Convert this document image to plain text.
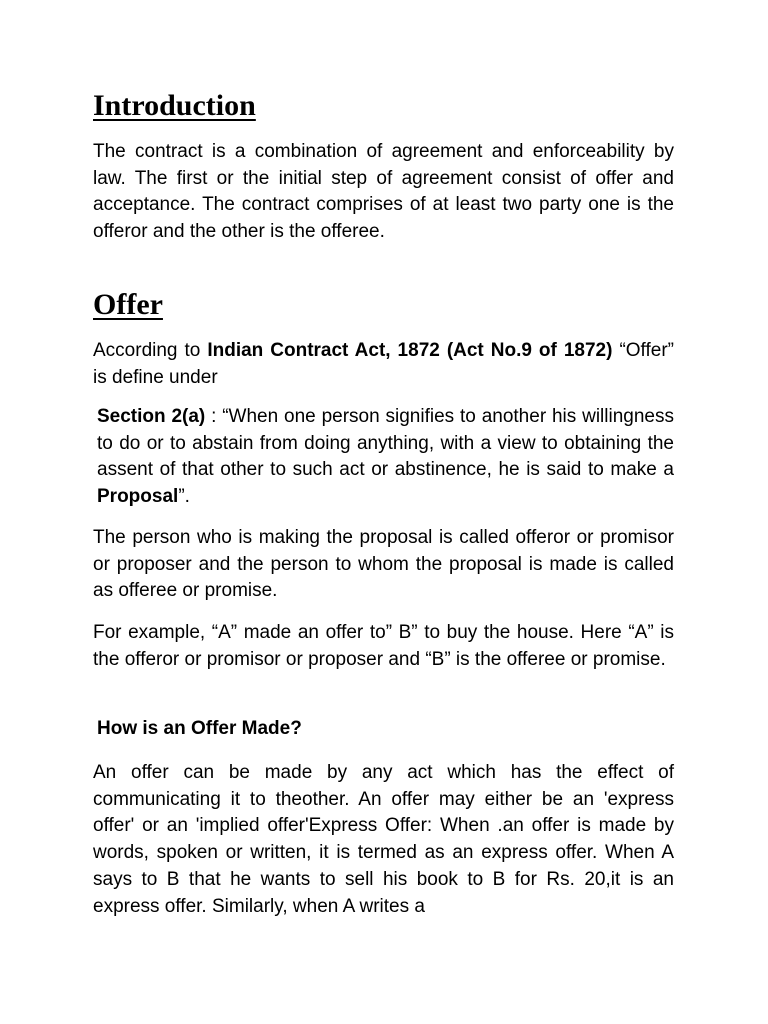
Introduction

The contract is a combination of agreement and enforceability by law. The first or the initial step of agreement consist of offer and acceptance. The contract comprises of at least two party one is the offeror and the other is the offeree.

Offer

According to Indian Contract Act, 1872 (Act No.9 of 1872) “Offer” is define under

Section 2(a) : “When one person signifies to another his willingness to do or to abstain from doing anything, with a view to obtaining the assent of that other to such act or abstinence, he is said to make a Proposal”.

The person who is making the proposal is called offeror or promisor or proposer and the person to whom the proposal is made is called as offeree or promise.

For example, “A” made an offer to” B” to buy the house. Here “A” is the offeror or promisor or proposer and “B” is the offeree or promise.

How is an Offer Made?

An offer can be made by any act which has the effect of communicating it to theother. An offer may either be an 'express offer' or an 'implied offer'Express Offer: When .an offer is made by words, spoken or written, it is termed as an express offer. When A says to B that he wants to sell his book to B for Rs. 20,it is an express offer. Similarly, when A writes a
